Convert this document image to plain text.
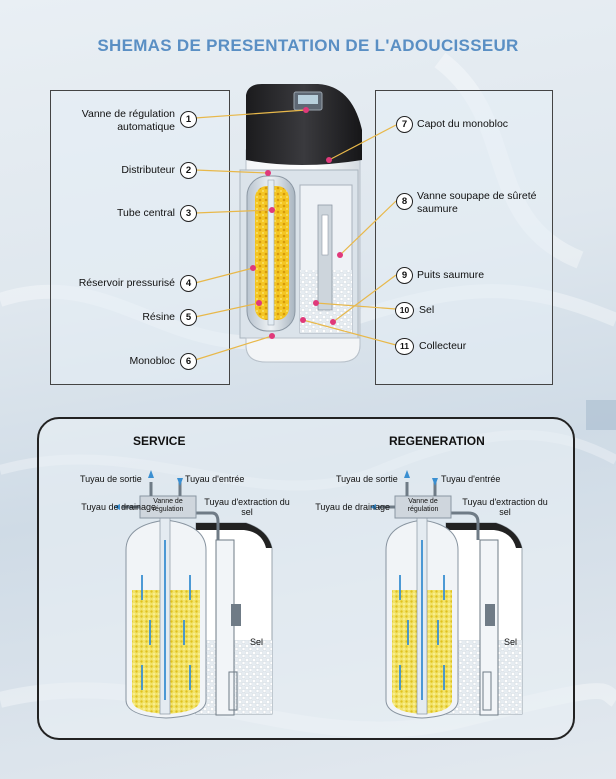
SHEMAS DE PRESENTATION DE L'ADOUCISSEUR
Vanne de régulation automatique
1
Distributeur	2
Tube central	3
Réservoir pressurisé	4
Résine	5
Monobloc	6
7 Capot du monobloc
8 Vanne soupape de sûreté saumure
9 Puits saumure
10 Sel
11 Collecteur
SERVICE	REGENERATION
Tuyau de sortie	Tuyau d'entrée
Tuyau de drainage
Vanne de régulation
Tuyau d'extraction du sel
Sel
Tuyau de sortie	Tuyau d'entrée
Tuyau de drainage
Vanne de régulation
Tuyau d'extraction du sel
Sel
